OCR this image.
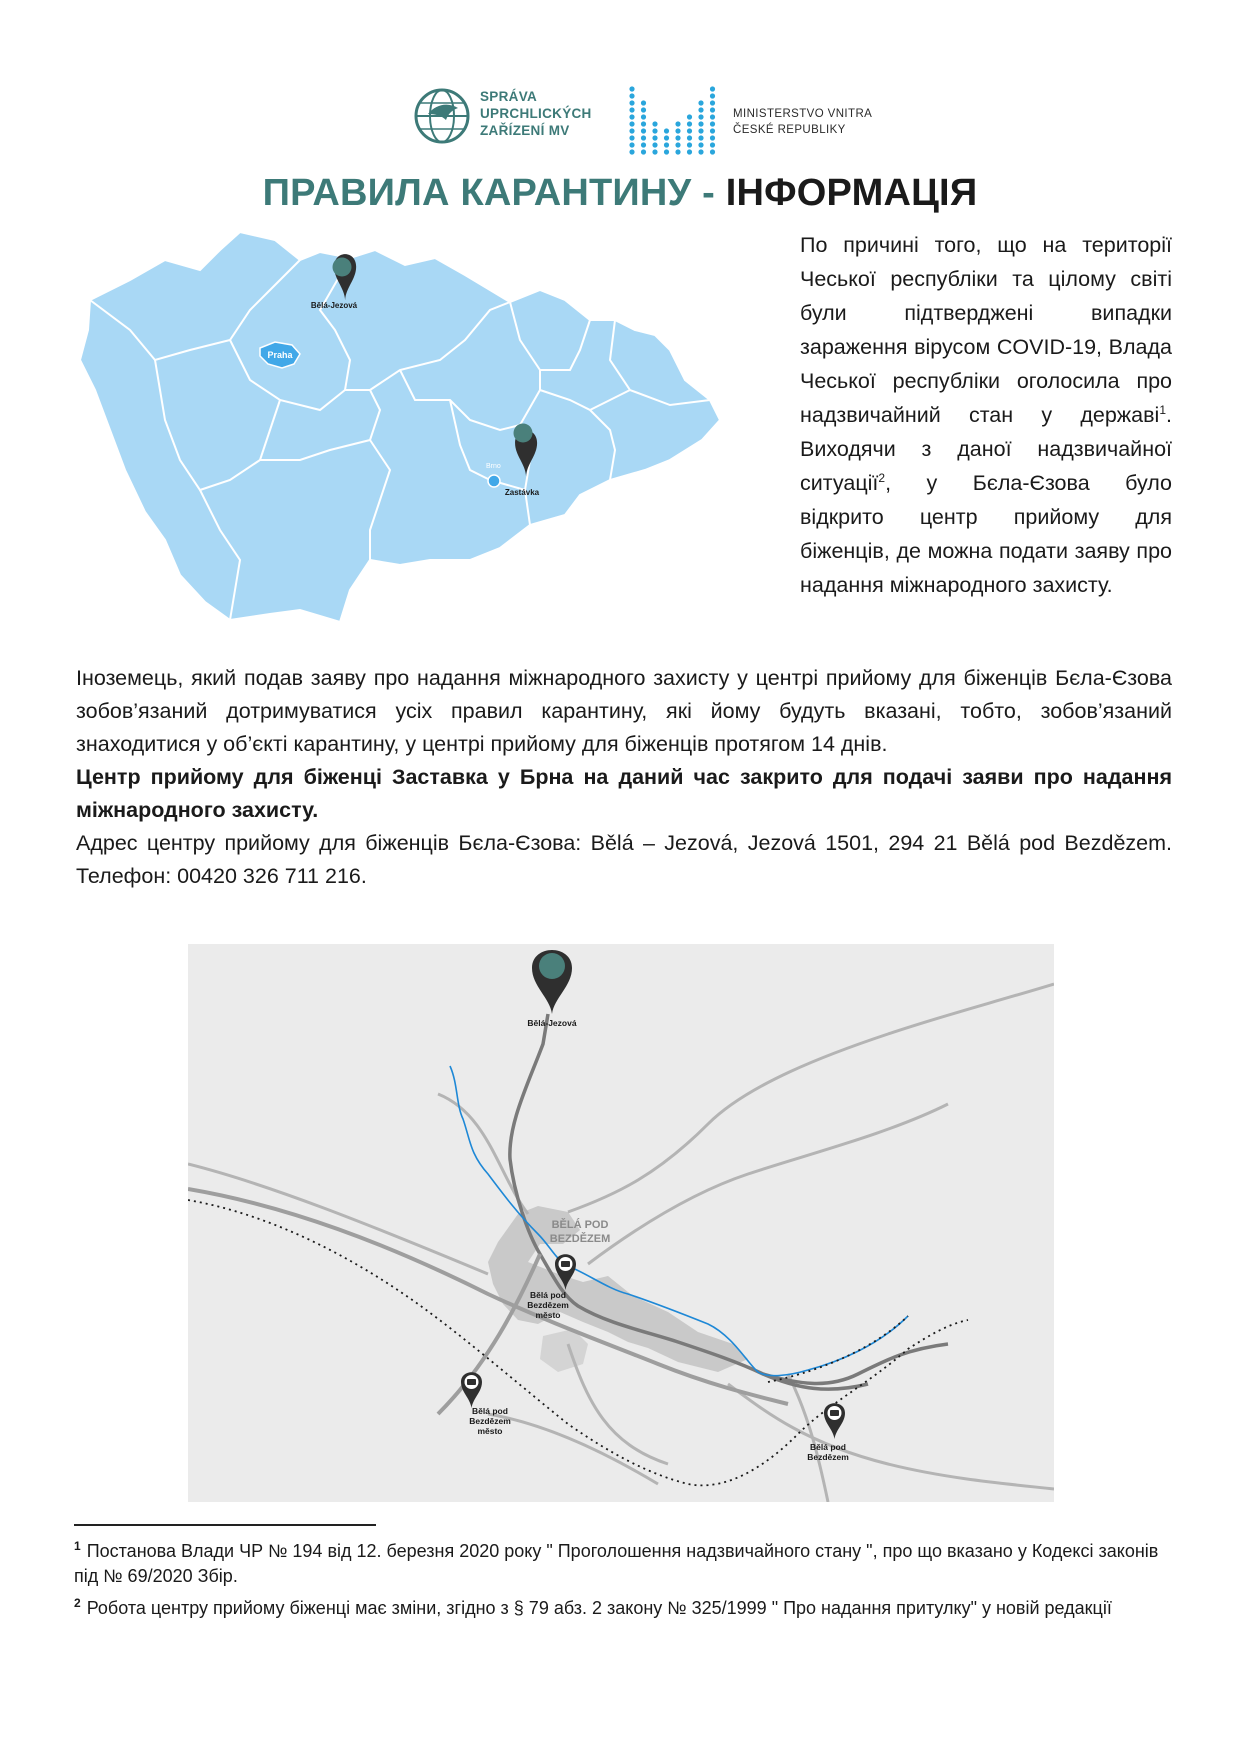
SPRÁVA
UPRCHLICKÝCH
ZAŘÍZENÍ MV
MINISTERSTVO VNITRA
ČESKÉ REPUBLIKY
ПРАВИЛА КАРАНТИНУ - ІНФОРМАЦІЯ
Praha
Brno
Bělá-Jezová
Zastávka
По причині того, що на території Чеської республіки та цілому світі були підтверджені випадки зараження вірусом COVID-19, Влада Чеської республіки оголосила про надзвичайний стан у державі$^1$. Виходячи з даної надзвичайної ситуації$^2$, у Бєла-Єзова було відкрито центр прийому для біженців, де можна подати заяву про надання міжнародного захисту.

Іноземець, який подав заяву про надання міжнародного захисту у центрі прийому для біженців Бєла-Єзова зобов’язаний дотримуватися усіх правил карантину, які йому будуть вказані, тобто, зобов’язаний знаходитися у об’єкті карантину, у центрі прийому для біженців протягом 14 днів.

Центр прийому для біженці Заставка у Брна на даний час закрито для подачі заяви про надання міжнародного захисту.

Адрес центру прийому для біженців Бєла-Єзова: Bělá – Jezová, Jezová 1501, 294 21 Bělá pod Bezdězem. Телефон: 00420 326 711 216.

Bělá-Jezová
BĚLÁ POD
BEZDĚZEM
Bělá pod
Bezdězem
město
Bělá pod
Bezdězem
město
Bělá pod
Bezdězem

$^1$ Постанова Влади ЧР № 194 від 12. березня 2020 року " Проголошення надзвичайного стану ", про що вказано у Кодексі законів під № 69/2020 Збір.

$^2$ Робота центру прийому біженці має зміни, згідно з § 79 абз. 2 закону № 325/1999 " Про надання притулку" у новій редакції
